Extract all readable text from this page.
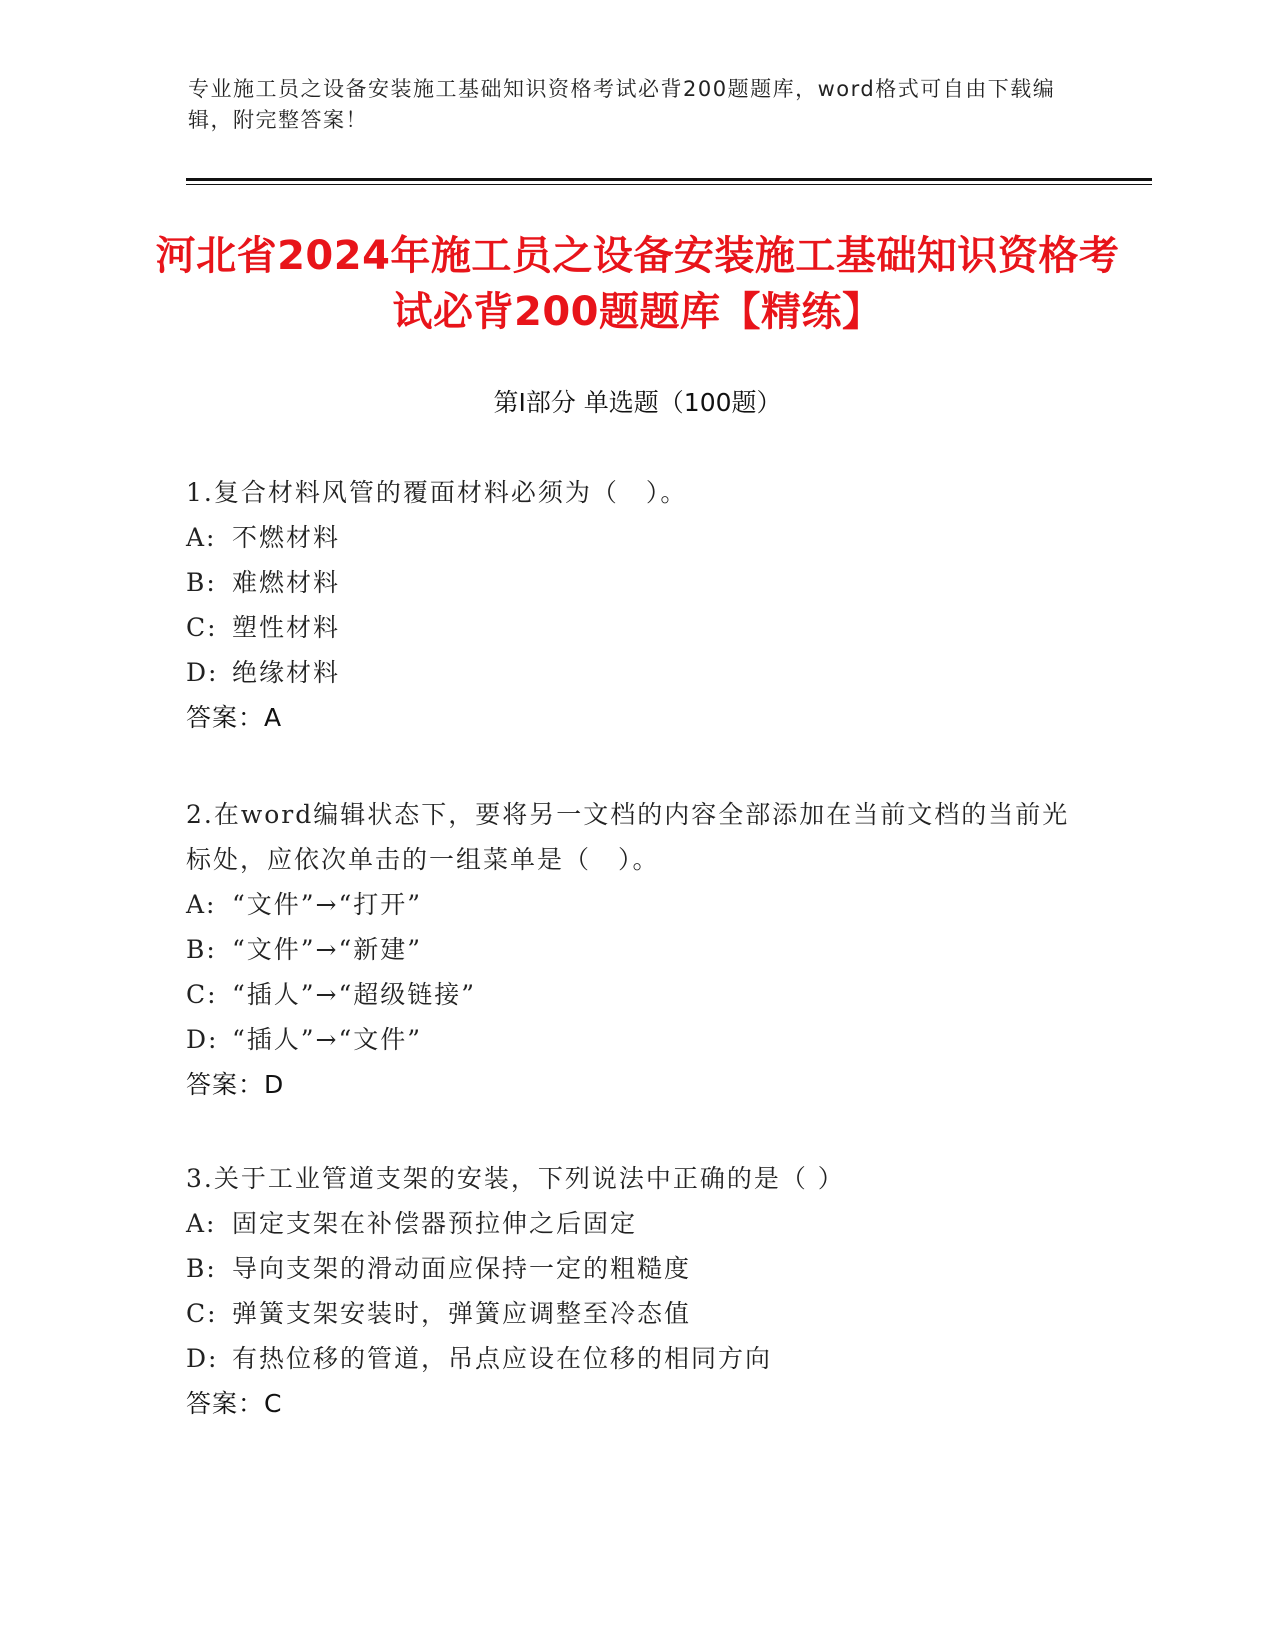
专业施工员之设备安装施工基础知识资格考试必背200题题库，word格式可自由下载编辑，附完整答案！
河北省2024年施工员之设备安装施工基础知识资格考试必背200题题库【精练】
第Ⅰ部分 单选题（100题）

1.复合材料风管的覆面材料必须为（　）。

A: 不燃材料

B: 难燃材料

C: 塑性材料

D: 绝缘材料

答案：A

2.在word编辑状态下，要将另一文档的内容全部添加在当前文档的当前光标处，应依次单击的一组菜单是（　）。

A: “文件”→“打开”

B: “文件”→“新建”

C: “插人”→“超级链接”

D: “插人”→“文件”

答案：D

3.关于工业管道支架的安装，下列说法中正确的是（ ）

A: 固定支架在补偿器预拉伸之后固定

B: 导向支架的滑动面应保持一定的粗糙度

C: 弹簧支架安装时，弹簧应调整至冷态值

D: 有热位移的管道，吊点应设在位移的相同方向

答案：C
